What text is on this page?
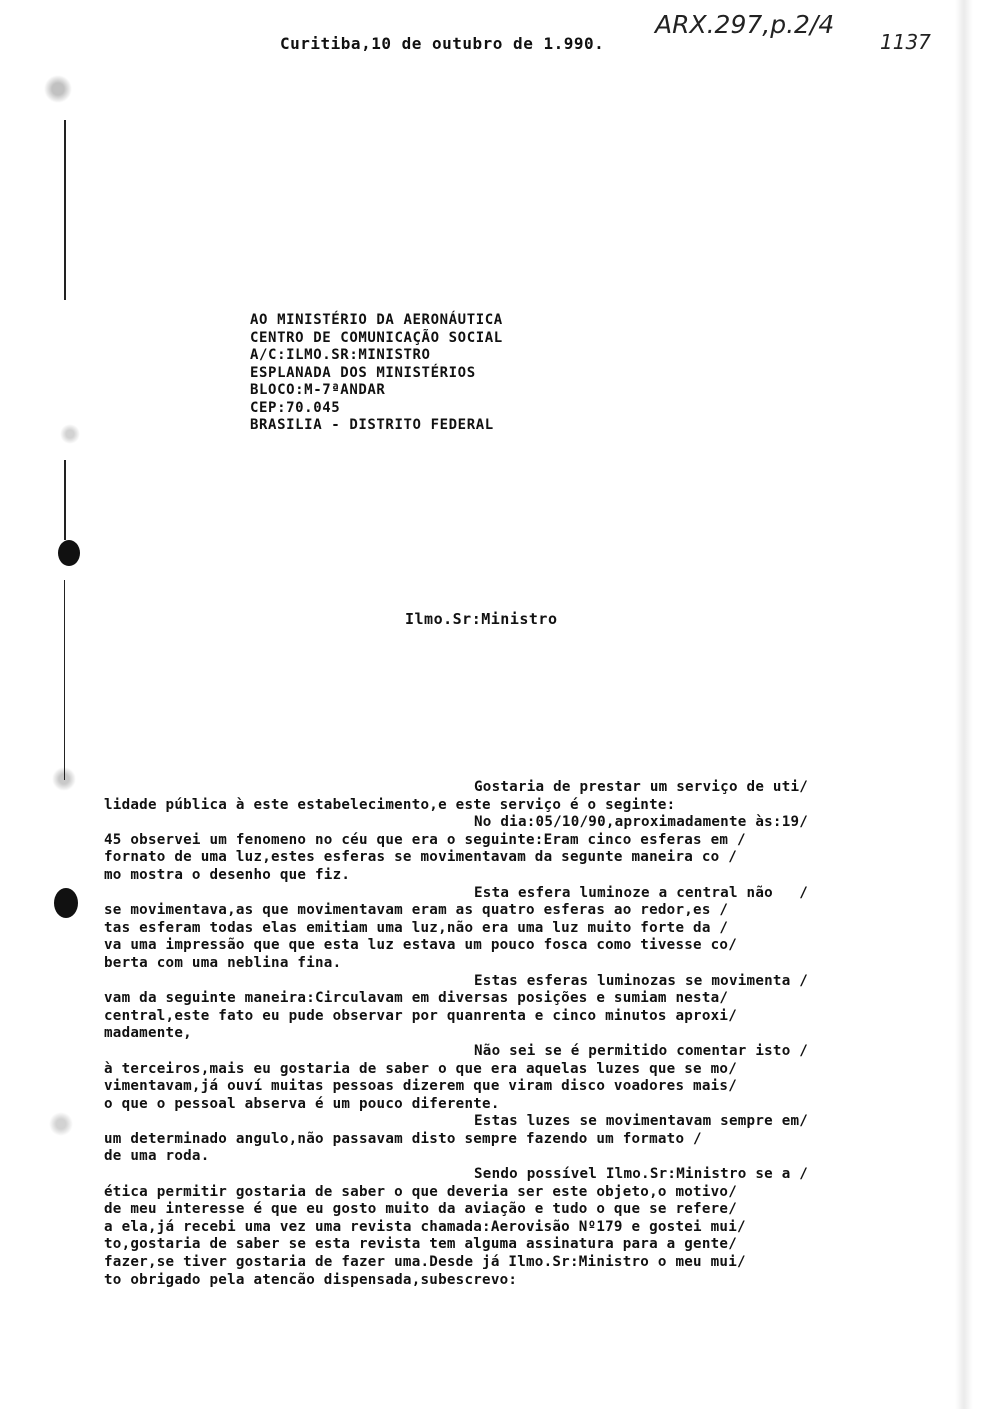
Curitiba,10 de outubro de 1.990.
ARX.297,p.2/4
1137
AO MINISTÉRIO DA AERONÁUTICA
CENTRO DE COMUNICAÇÃO SOCIAL
A/C:ILMO.SR:MINISTRO
ESPLANADA DOS MINISTÉRIOS
BLOCO:M-7ªANDAR
CEP:70.045
BRASILIA - DISTRITO FEDERAL
Ilmo.Sr:Ministro
Gostaria de prestar um serviço de uti/
lidade pública à este estabelecimento,e este serviço é o seginte:
No dia:05/10/90,aproximadamente às:19/
45 observei um fenomeno no céu que era o seguinte:Eram cinco esferas em /
fornato de uma luz,estes esferas se movimentavam da segunte maneira co /
mo mostra o desenho que fiz.
Esta esfera luminoze a central não   /
se movimentava,as que movimentavam eram as quatro esferas ao redor,es /
tas esferam todas elas emitiam uma luz,não era uma luz muito forte da /
va uma impressão que que esta luz estava um pouco fosca como tivesse co/
berta com uma neblina fina.
Estas esferas luminozas se movimenta /
vam da seguinte maneira:Circulavam em diversas posições e sumiam nesta/
central,este fato eu pude observar por quanrenta e cinco minutos aproxi/
madamente,
Não sei se é permitido comentar isto /
à terceiros,mais eu gostaria de saber o que era aquelas luzes que se mo/
vimentavam,já ouví muitas pessoas dizerem que viram disco voadores mais/
o que o pessoal abserva é um pouco diferente.
Estas luzes se movimentavam sempre em/
um determinado angulo,não passavam disto sempre fazendo um formato /
de uma roda.
Sendo possível Ilmo.Sr:Ministro se a /
ética permitir gostaria de saber o que deveria ser este objeto,o motivo/
de meu interesse é que eu gosto muito da aviação e tudo o que se refere/
a ela,já recebi uma vez uma revista chamada:Aerovisão Nº179 e gostei mui/
to,gostaria de saber se esta revista tem alguma assinatura para a gente/
fazer,se tiver gostaria de fazer uma.Desde já Ilmo.Sr:Ministro o meu mui/
to obrigado pela atencão dispensada,subescrevo:
